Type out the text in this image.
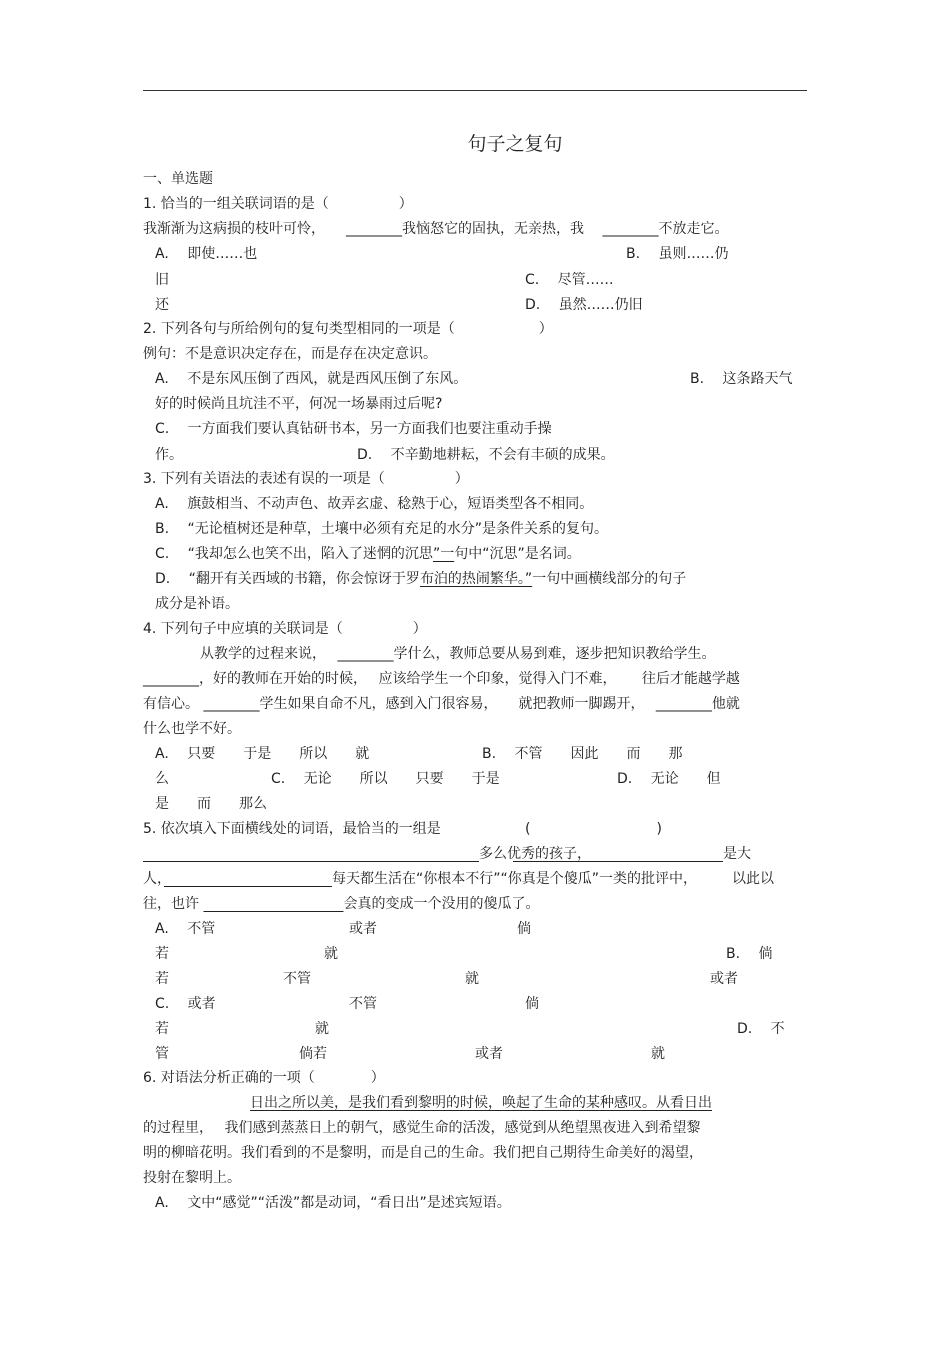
句子之复句
一、单选题
1. 恰当的一组关联词语的是（　　　　　）
我渐渐为这病损的枝叶可怜，　　________我恼怒它的固执，无亲热，我　 ________不放走它。
A.　 即使……也	B.　 虽则……仍
旧	C.　 尽管……
还	D.　 虽然……仍旧
2. 下列各句与所给例句的复句类型相同的一项是（　　　　　　）
例句：不是意识决定存在，而是存在决定意识。
A.　 不是东风压倒了西风，就是西风压倒了东风。	B.　 这条路天气
好的时候尚且坑洼不平，何况一场暴雨过后呢?
C.　 一方面我们要认真钻研书本，另一方面我们也要注重动手操
作。	D.　 不辛勤地耕耘，不会有丰硕的成果。
3. 下列有关语法的表述有误的一项是（　　　　　）
A.　 旗鼓相当、不动声色、故弄玄虚、稔熟于心，短语类型各不相同。
B.　 “无论植树还是种草，土壤中必须有充足的水分”是条件关系的复句。
C.　 “我却怎么也笑不出，陷入了迷惘的沉思”一句中“沉思”是名词。
D.　 “翻开有关西域的书籍，你会惊讶于罗布泊的热闹繁华。”一句中画横线部分的句子
成分是补语。
4. 下列句子中应填的关联词是（　　　　　）
从教学的过程来说，　 ________学什么，教师总要从易到难，逐步把知识教给学生。
________，好的教师在开始的时候，　 应该给学生一个印象，觉得入门不难，　　 往后才能越学越
有信心。 ________学生如果自命不凡，感到入门很容易，　　就把教师一脚踢开，　 ________他就
什么也学不好。
A.　 只要　　于是　　所以　　就	B.　 不管　　因此　　而　　那
么	C.　 无论　　所以　　只要　　于是	D.　 无论　　但
是　　而　　那么
5. 依次填入下面横线处的词语，最恰当的一组是	(　　　　　　　　　)
　　　　　　　　　　　　　　　　　　　　　　　　多么优秀的孩子，
　　　　　　　　　　　　　　　	是大
人，　　　　　　　　　　　　	每天都生活在“你根本不行”“你真是个傻瓜”一类的批评中，　　　以此以
往，也许 　　　　　　　　　　	会真的变成一个没用的傻瓜了。
A.　 不管	或者	倘
若	就	B.　 倘
若	不管	就	或者
C.　 或者	不管	倘
若	就	D.　 不
管	倘若	或者	就
6. 对语法分析正确的一项（　　　　）
日出之所以美，是我们看到黎明的时候，唤起了生命的某种感叹。从看日出
的过程里，　 我们感到蒸蒸日上的朝气，感觉生命的活泼，感觉到从绝望黑夜进入到希望黎
明的柳暗花明。我们看到的不是黎明，而是自己的生命。我们把自己期待生命美好的渴望，
投射在黎明上。
A.　 文中“感觉”“活泼”都是动词，“看日出”是述宾短语。
